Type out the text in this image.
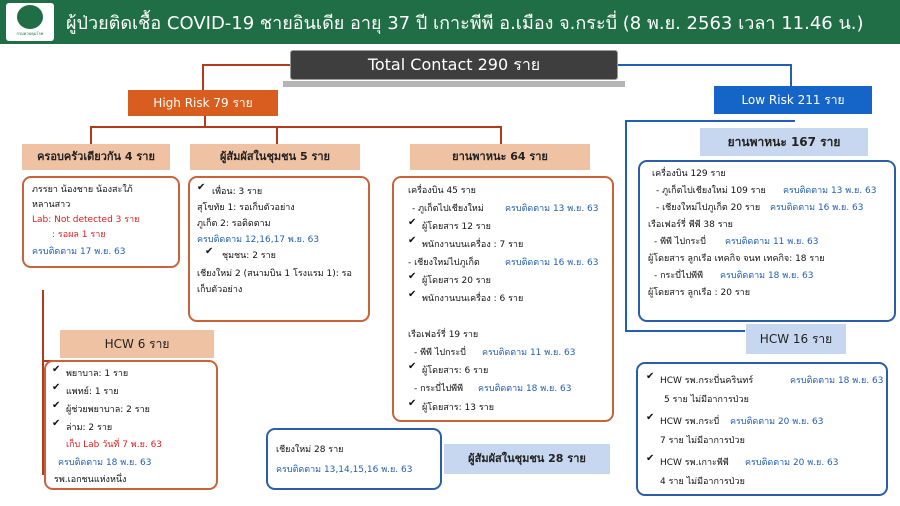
กรมควบคุมโรค	ผู้ป่วยติดเชื้อ COVID-19 ชายอินเดีย อายุ 37 ปี เกาะพีพี อ.เมือง จ.กระบี่ (8 พ.ย. 2563 เวลา 11.46 น.)
Total Contact 290 ราย
High Risk 79 ราย	Low Risk 211 ราย
ครอบครัวเดียวกัน 4 ราย
ภรรยา น้องชาย น้องสะใภ้
หลานสาว
Lab: Not detected 3 ราย
: รอผล 1 ราย
ครบติดตาม 17 พ.ย. 63
ผู้สัมผัสในชุมชน 5 ราย
✔ เพื่อน: 3 ราย
สุโขทัย 1: รอเก็บตัวอย่าง
ภูเก็ต 2: รอติดตาม
ครบติดตาม 12,16,17 พ.ย. 63
✔ ชุมชน: 2 ราย
เชียงใหม่ 2 (สนามบิน 1 โรงแรม 1): รอ
เก็บตัวอย่าง
ยานพาหนะ 64 ราย
เครื่องบิน 45 ราย
- ภูเก็ตไปเชียงใหม่ ครบติดตาม 13 พ.ย. 63
✔ ผู้โดยสาร 12 ราย
✔ พนักงานบนเครื่อง : 7 ราย
- เชียงใหม่ไปภูเก็ต	ครบติดตาม 16 พ.ย. 63
✔ ผู้โดยสาร 20 ราย
✔ พนักงานบนเครื่อง : 6 ราย
เรือเฟอร์รี่ 19 ราย
- พีพี ไปกระบี่ ครบติดตาม 11 พ.ย. 63
✔ ผู้โดยสาร: 6 ราย
- กระบี่ไปพีพี ครบติดตาม 18 พ.ย. 63
✔ ผู้โดยสาร: 13 ราย
HCW 6 ราย
✔ พยาบาล: 1 ราย
✔ แพทย์: 1 ราย
✔ ผู้ช่วยพยาบาล: 2 ราย
✔ ล่าม: 2 ราย
เก็บ Lab วันที่ 7 พ.ย. 63
ครบติดตาม 18 พ.ย. 63
รพ.เอกชนแห่งหนึ่ง
เชียงใหม่ 28 ราย
ครบติดตาม 13,14,15,16 พ.ย. 63
ผู้สัมผัสในชุมชน 28 ราย
ยานพาหนะ 167 ราย
เครื่องบิน 129 ราย
- ภูเก็ตไปเชียงใหม่ 109 ราย ครบติดตาม 13 พ.ย. 63
- เชียงใหม่ไปภูเก็ต 20 ราย ครบติดตาม 16 พ.ย. 63
เรือเฟอร์รี่ พีพี 38 ราย
- พีพี ไปกระบี่ ครบติดตาม 11 พ.ย. 63
ผู้โดยสาร ลูกเรือ เทคกิจ จนท เทคกิจ: 18 ราย
- กระบี่ไปพีพี ครบติดตาม 18 พ.ย. 63
ผู้โดยสาร ลูกเรือ : 20 ราย
HCW 16 ราย
✔ HCW รพ.กระบี่นครินทร์	ครบติดตาม 18 พ.ย. 63
5 ราย ไม่มีอาการป่วย
✔ HCW รพ.กระบี่ ครบติดตาม 20 พ.ย. 63
7 ราย ไม่มีอาการป่วย
✔ HCW รพ.เกาะพีพี ครบติดตาม 20 พ.ย. 63
4 ราย ไม่มีอาการป่วย
